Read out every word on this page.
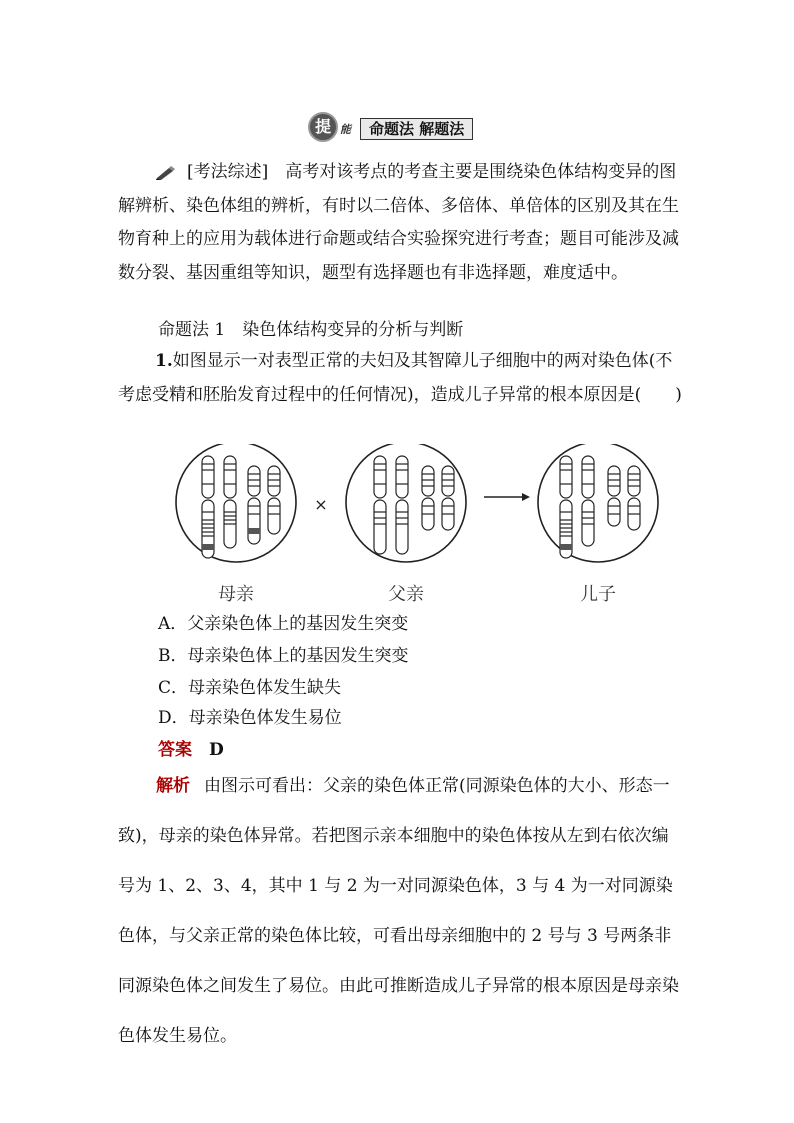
提 能	命题法 解题法

[考法综述]　 高考对该考点的考查主要是围绕染色体结构变异的图解辨析、染色体组的辨析，有时以二倍体、多倍体、单倍体的区别及其在生物育种上的应用为载体进行命题或结合实验探究进行考查；题目可能涉及减数分裂、基因重组等知识，题型有选择题也有非选择题，难度适中。

命题法 1　染色体结构变异的分析与判断

1.如图显示一对表型正常的夫妇及其智障儿子细胞中的两对染色体(不考虑受精和胚胎发育过程中的任何情况)，造成儿子异常的根本原因是(　　)

×
母亲	父亲	儿子
A．父亲染色体上的基因发生突变
B．母亲染色体上的基因发生突变
C．母亲染色体发生缺失
D．母亲染色体发生易位
答案　 D

解析 由图示可看出：父亲的染色体正常(同源染色体的大小、形态一致)，母亲的染色体异常。若把图示亲本细胞中的染色体按从左到右依次编号为 1、2、3、4，其中 1 与 2 为一对同源染色体，3 与 4 为一对同源染色体，与父亲正常的染色体比较，可看出母亲细胞中的 2 号与 3 号两条非同源染色体之间发生了易位。由此可推断造成儿子异常的根本原因是母亲染色体发生易位。
